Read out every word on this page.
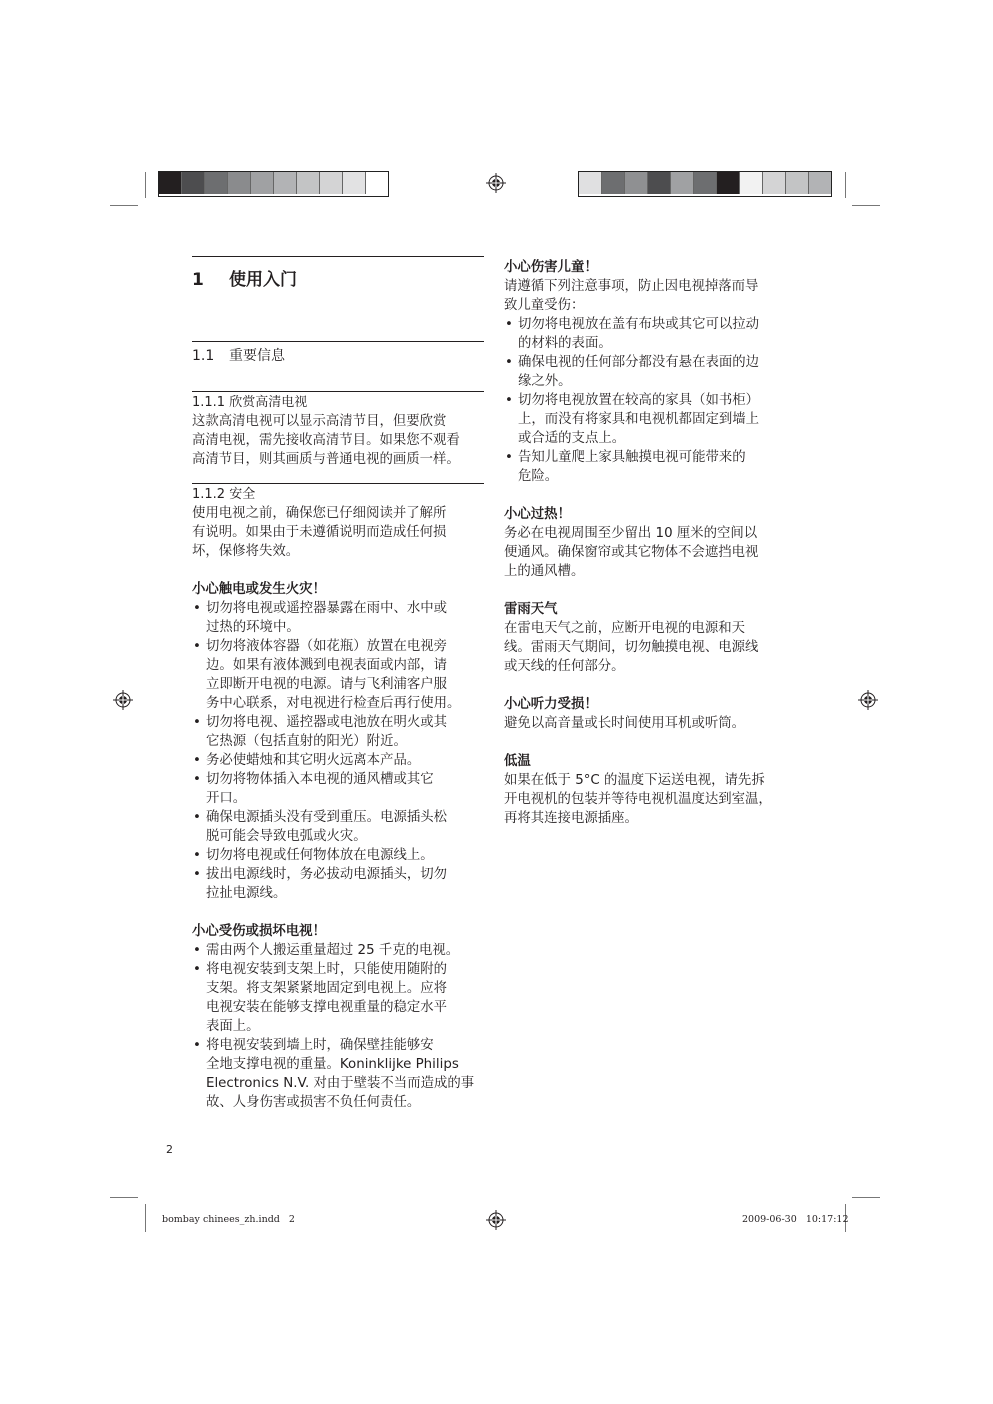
1 使用入门
1.1 重要信息
1.1.1 欣赏高清电视

这款高清电视可以显示高清节目，但要欣赏
高清电视，需先接收高清节目。如果您不观看
高清节目，则其画质与普通电视的画质一样。

1.1.2 安全

使用电视之前，确保您已仔细阅读并了解所
有说明。如果由于未遵循说明而造成任何损
坏，保修将失效。

小心触电或发生火灾！

• 切勿将电视或遥控器暴露在雨中、水中或
过热的环境中。
• 切勿将液体容器（如花瓶）放置在电视旁
边。如果有液体溅到电视表面或内部，请
立即断开电视的电源。请与飞利浦客户服
务中心联系，对电视进行检查后再行使用。
• 切勿将电视、遥控器或电池放在明火或其
它热源（包括直射的阳光）附近。
• 务必使蜡烛和其它明火远离本产品。
• 切勿将物体插入本电视的通风槽或其它
开口。
• 确保电源插头没有受到重压。电源插头松
脱可能会导致电弧或火灾。
• 切勿将电视或任何物体放在电源线上。
• 拔出电源线时，务必拔动电源插头，切勿
拉扯电源线。

小心受伤或损坏电视！

• 需由两个人搬运重量超过 25 千克的电视。
• 将电视安装到支架上时，只能使用随附的
支架。将支架紧紧地固定到电视上。应将
电视安装在能够支撑电视重量的稳定水平
表面上。
• 将电视安装到墙上时，确保壁挂能够安
全地支撑电视的重量。Koninklijke Philips
Electronics N.V. 对由于壁装不当而造成的事
故、人身伤害或损害不负任何责任。

小心伤害儿童！

请遵循下列注意事项，防止因电视掉落而导
致儿童受伤：

• 切勿将电视放在盖有布块或其它可以拉动
的材料的表面。
• 确保电视的任何部分都没有悬在表面的边
缘之外。
• 切勿将电视放置在较高的家具（如书柜）
上，而没有将家具和电视机都固定到墙上
或合适的支点上。
• 告知儿童爬上家具触摸电视可能带来的
危险。

小心过热！

务必在电视周围至少留出 10 厘米的空间以
便通风。确保窗帘或其它物体不会遮挡电视
上的通风槽。

雷雨天气

在雷电天气之前，应断开电视的电源和天
线。雷雨天气期间，切勿触摸电视、电源线
或天线的任何部分。

小心听力受损！

避免以高音量或长时间使用耳机或听筒。

低温

如果在低于 5°C 的温度下运送电视，请先拆
开电视机的包装并等待电视机温度达到室温，
再将其连接电源插座。

2
bombay chinees_zh.indd   2	2009-06-30   10:17:12
